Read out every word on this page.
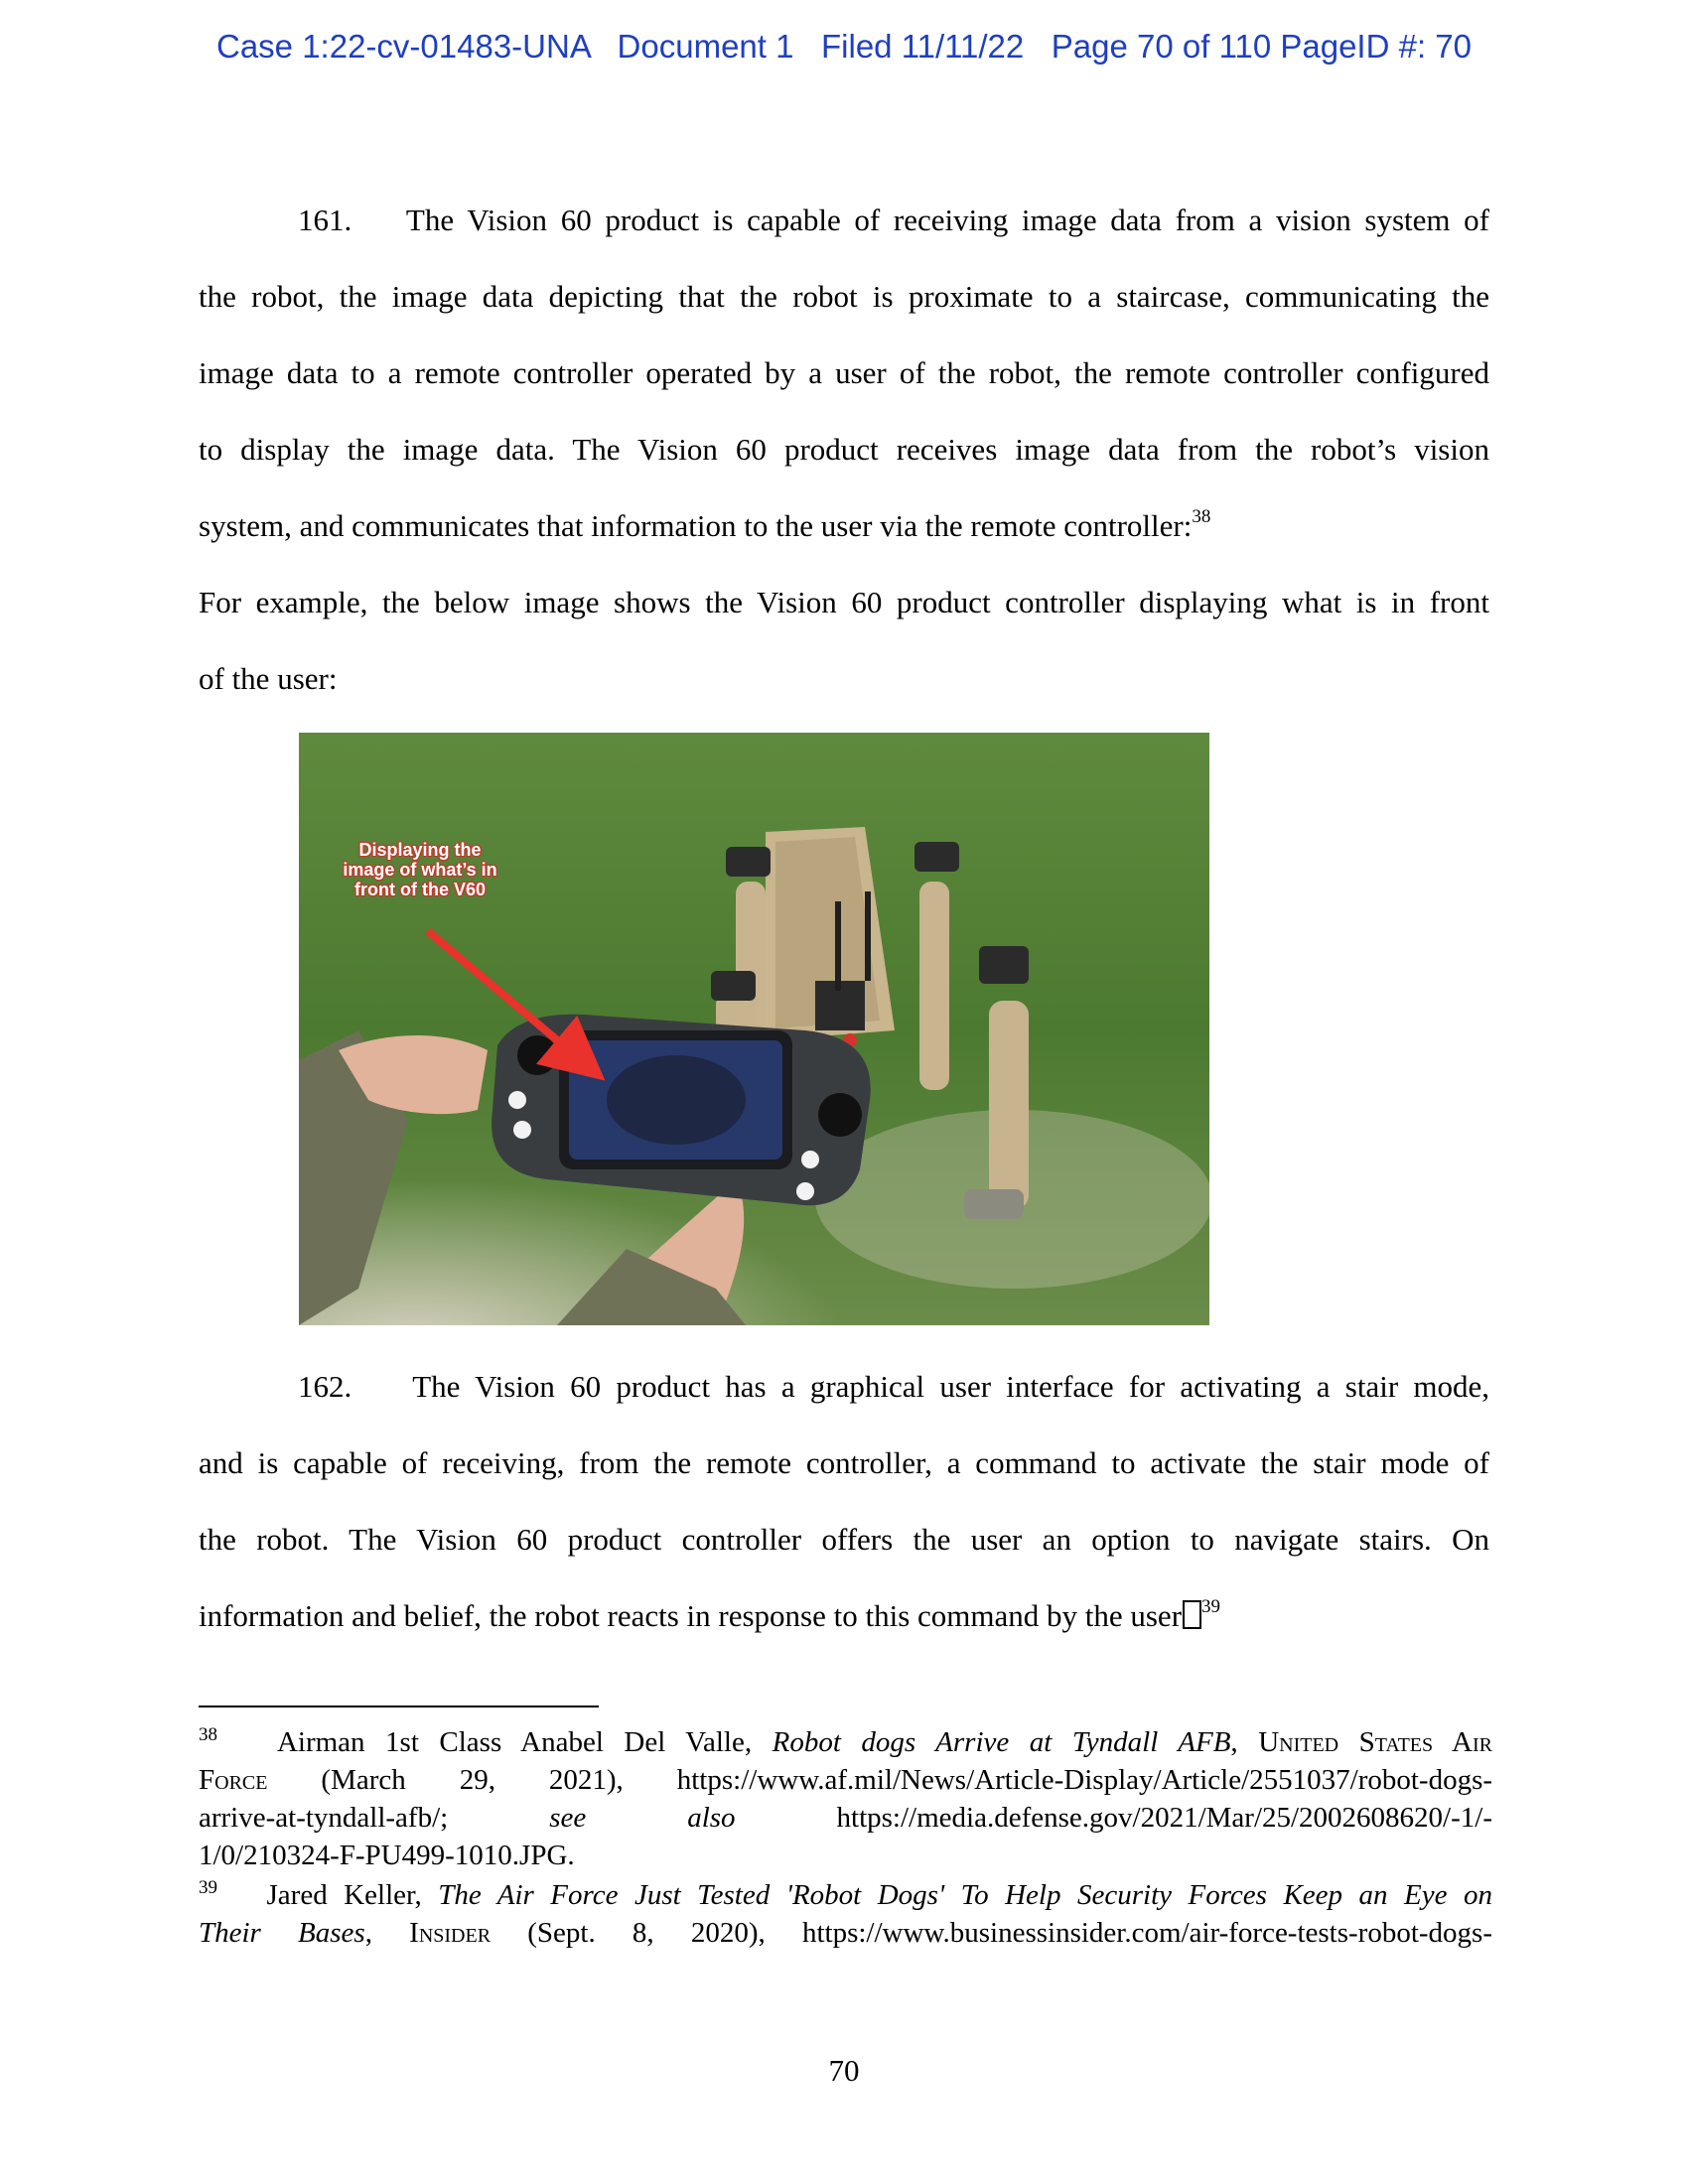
Case 1:22-cv-01483-UNA Document 1 Filed 11/11/22 Page 70 of 110 PageID #: 70
161. The Vision 60 product is capable of receiving image data from a vision system of
the robot, the image data depicting that the robot is proximate to a staircase, communicating the
image data to a remote controller operated by a user of the robot, the remote controller configured
to display the image data. The Vision 60 product receives image data from the robot’s vision
system, and communicates that information to the user via the remote controller:$^{38}$
For example, the below image shows the Vision 60 product controller displaying what is in front
of the user:
Displaying the
image of what’s in
front of the V60
162. The Vision 60 product has a graphical user interface for activating a stair mode,
and is capable of receiving, from the remote controller, a command to activate the stair mode of
the robot. The Vision 60 product controller offers the user an option to navigate stairs. On
information and belief, the robot reacts in response to this command by the user $^{39}$
$^{38}$ Airman 1st Class Anabel Del Valle, Robot dogs Arrive at Tyndall AFB, United States Air
Force (March 29, 2021), https://www.af.mil/News/Article-Display/Article/2551037/robot-dogs-
arrive-at-tyndall-afb/;	see	also	https://media.defense.gov/2021/Mar/25/2002608620/-1/-
1/0/210324-F-PU499-1010.JPG.
$^{39}$ Jared Keller, The Air Force Just Tested 'Robot Dogs' To Help Security Forces Keep an Eye on
Their Bases, Insider (Sept. 8, 2020), https://www.businessinsider.com/air-force-tests-robot-dogs-
70
